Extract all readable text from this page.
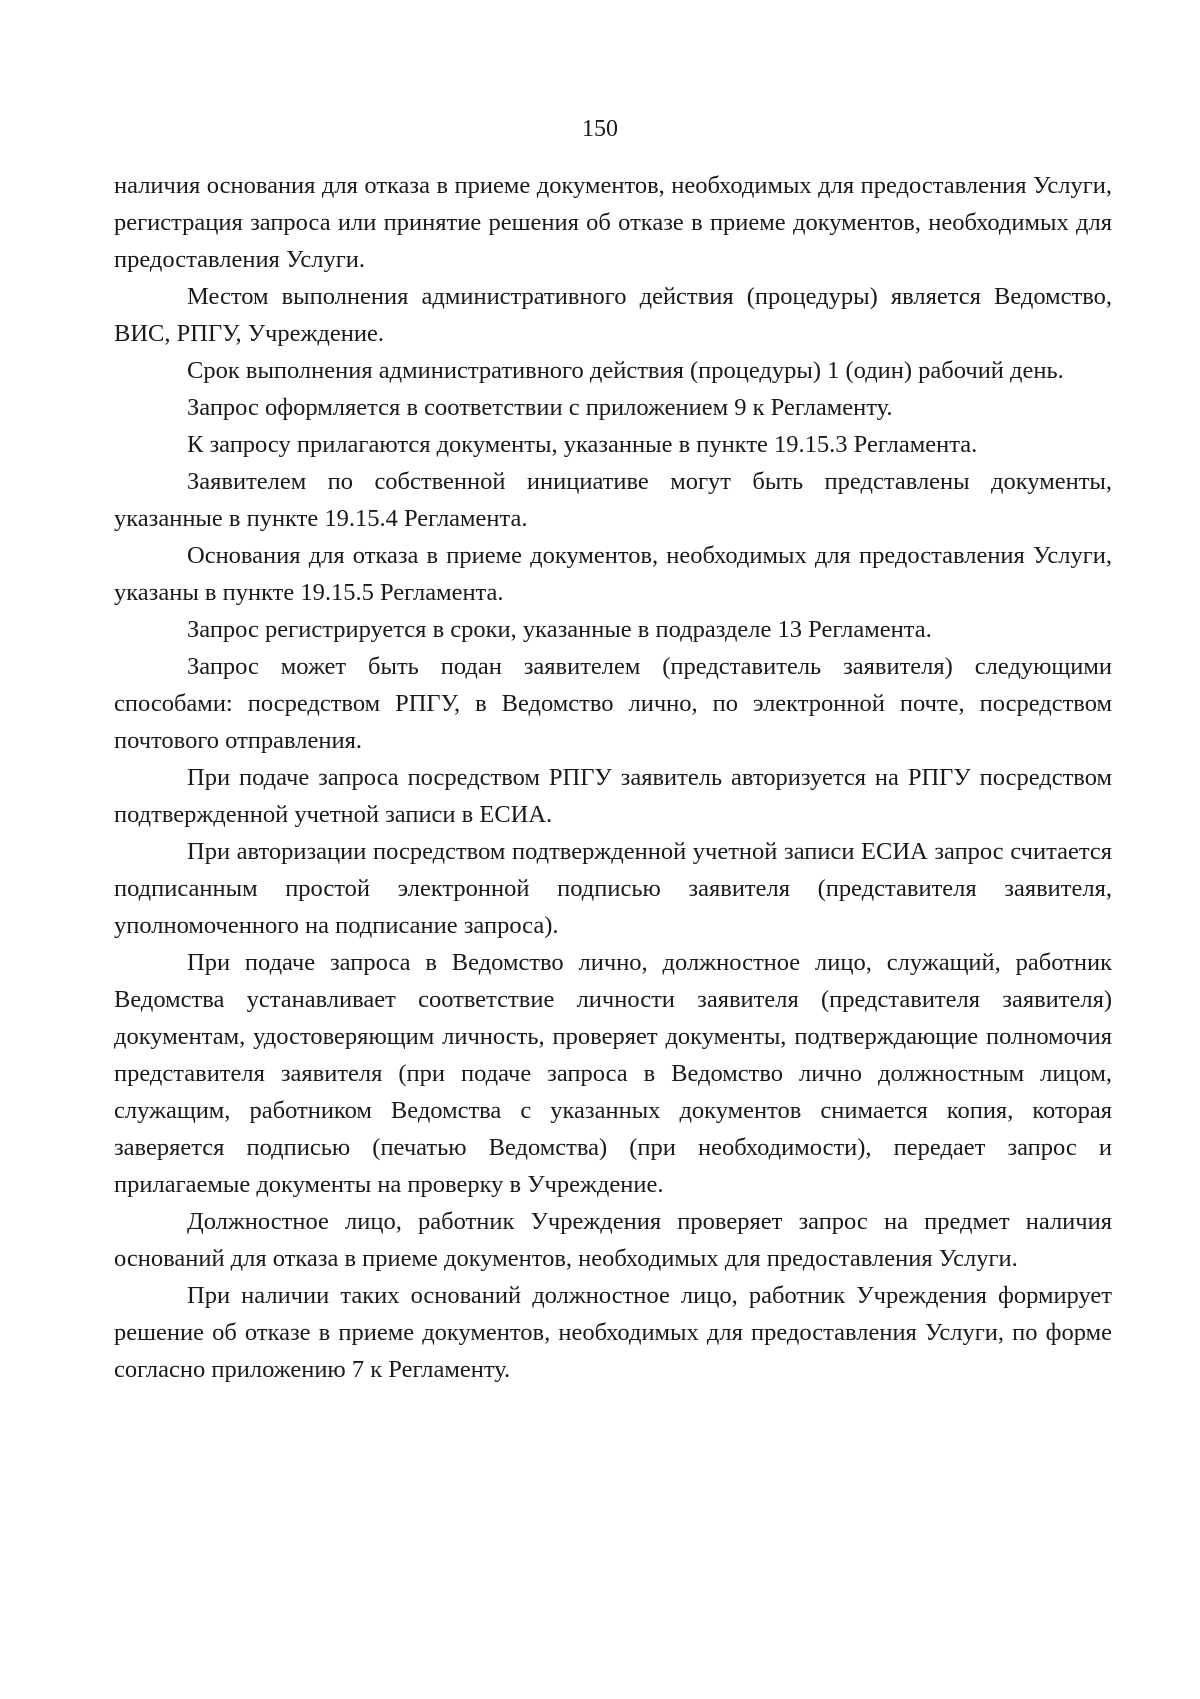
150

наличия основания для отказа в приеме документов, необходимых для предоставления Услуги, регистрация запроса или принятие решения об отказе в приеме документов, необходимых для предоставления Услуги.

Местом выполнения административного действия (процедуры) является Ведомство, ВИС, РПГУ, Учреждение.

Срок выполнения административного действия (процедуры) 1 (один) рабочий день.

Запрос оформляется в соответствии с приложением 9 к Регламенту.

К запросу прилагаются документы, указанные в пункте 19.15.3 Регламента.

Заявителем по собственной инициативе могут быть представлены документы, указанные в пункте 19.15.4 Регламента.

Основания для отказа в приеме документов, необходимых для предоставления Услуги, указаны в пункте 19.15.5 Регламента.

Запрос регистрируется в сроки, указанные в подразделе 13 Регламента.

Запрос может быть подан заявителем (представитель заявителя) следующими способами: посредством РПГУ, в Ведомство лично, по электронной почте, посредством почтового отправления.

При подаче запроса посредством РПГУ заявитель авторизуется на РПГУ посредством подтвержденной учетной записи в ЕСИА.

При авторизации посредством подтвержденной учетной записи ЕСИА запрос считается подписанным простой электронной подписью заявителя (представителя заявителя, уполномоченного на подписание запроса).

При подаче запроса в Ведомство лично, должностное лицо, служащий, работник Ведомства устанавливает соответствие личности заявителя (представителя заявителя) документам, удостоверяющим личность, проверяет документы, подтверждающие полномочия представителя заявителя (при подаче запроса в Ведомство лично должностным лицом, служащим, работником Ведомства с указанных документов снимается копия, которая заверяется подписью (печатью Ведомства) (при необходимости), передает запрос и прилагаемые документы на проверку в Учреждение.

Должностное лицо, работник Учреждения проверяет запрос на предмет наличия оснований для отказа в приеме документов, необходимых для предоставления Услуги.

При наличии таких оснований должностное лицо, работник Учреждения формирует решение об отказе в приеме документов, необходимых для предоставления Услуги, по форме согласно приложению 7 к Регламенту.
